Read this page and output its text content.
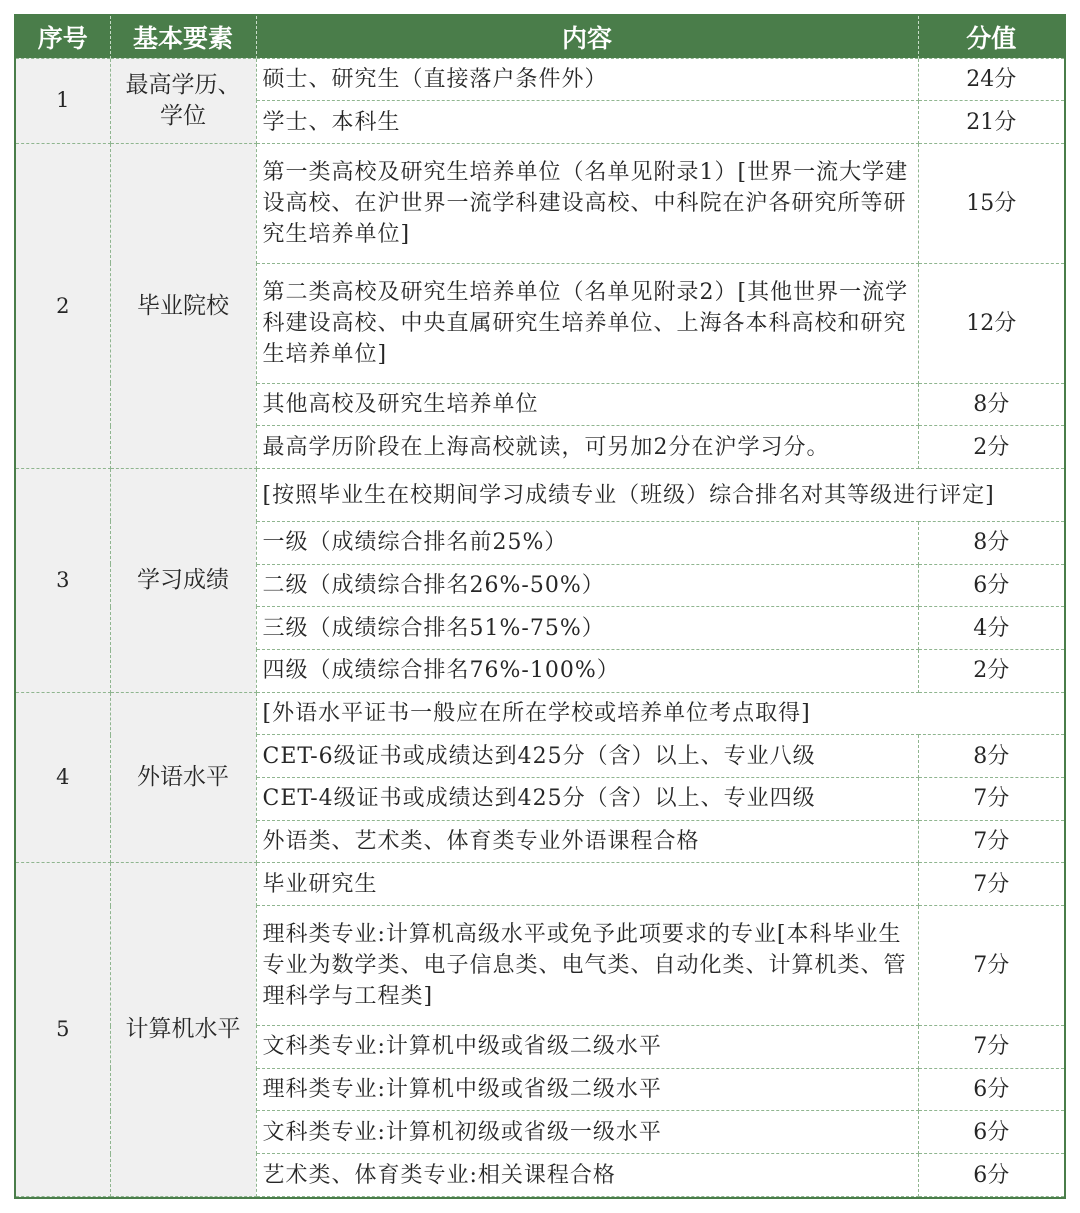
序号	基本要素	内容	分值
1	最高学历、学位	硕士、研究生（直接落户条件外）	24分
		学士、本科生	21分
2	毕业院校	第一类高校及研究生培养单位（名单见附录1）[世界一流大学建设高校、在沪世界一流学科建设高校、中科院在沪各研究所等研究生培养单位]	15分
		第二类高校及研究生培养单位（名单见附录2）[其他世界一流学科建设高校、中央直属研究生培养单位、上海各本科高校和研究生培养单位]	12分
		其他高校及研究生培养单位	8分
		最高学历阶段在上海高校就读，可另加2分在沪学习分。	2分
3	学习成绩	[按照毕业生在校期间学习成绩专业（班级）综合排名对其等级进行评定]	
		一级（成绩综合排名前25%）	8分
		二级（成绩综合排名26%-50%）	6分
		三级（成绩综合排名51%-75%）	4分
		四级（成绩综合排名76%-100%）	2分
4	外语水平	[外语水平证书一般应在所在学校或培养单位考点取得]	
		CET-6级证书或成绩达到425分（含）以上、专业八级	8分
		CET-4级证书或成绩达到425分（含）以上、专业四级	7分
		外语类、艺术类、体育类专业外语课程合格	7分
5	计算机水平	毕业研究生	7分
		理科类专业:计算机高级水平或免予此项要求的专业[本科毕业生专业为数学类、电子信息类、电气类、自动化类、计算机类、管理科学与工程类]	7分
		文科类专业:计算机中级或省级二级水平	7分
		理科类专业:计算机中级或省级二级水平	6分
		文科类专业:计算机初级或省级一级水平	6分
		艺术类、体育类专业:相关课程合格	6分
